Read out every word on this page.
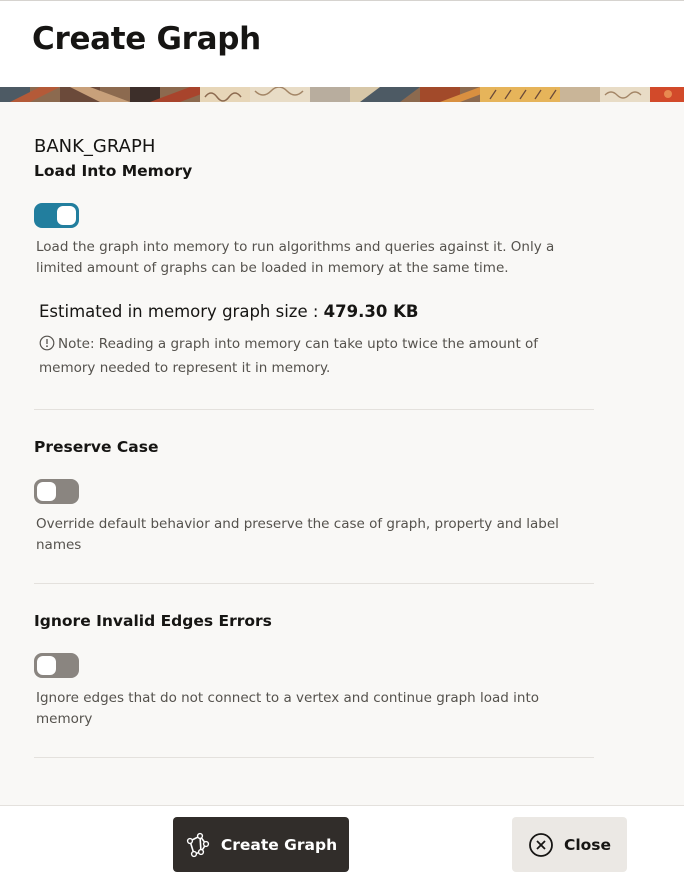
Create Graph
BANK_GRAPH
Load Into Memory
Load the graph into memory to run algorithms and queries against it. Only a limited amount of graphs can be loaded in memory at the same time.
Estimated in memory graph size : 479.30 KB
Note: Reading a graph into memory can take upto twice the amount of memory needed to represent it in memory.
Preserve Case
Override default behavior and preserve the case of graph, property and label names
Ignore Invalid Edges Errors
Ignore edges that do not connect to a vertex and continue graph load into memory
Create Graph	Close
